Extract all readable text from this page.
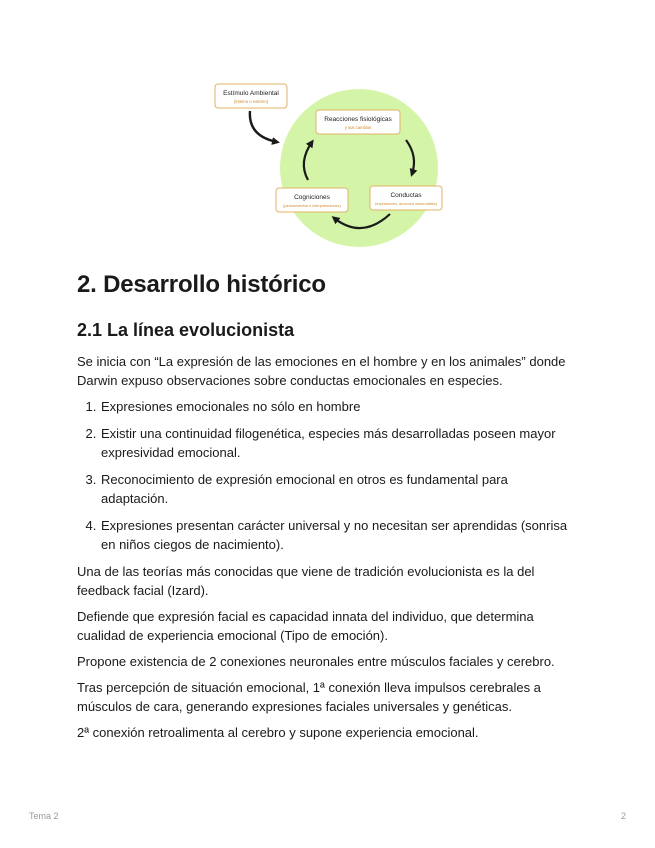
Estímulo Ambiental
(interno o externo)
Reacciones fisiológicas
y sus cambios
Cogniciones
(pensamientos e interpretaciones)
Conductas
(expresiones, acciones observables)
2. Desarrollo histórico
2.1 La línea evolucionista

Se inicia con “La expresión de las emociones en el hombre y en los animales” donde Darwin expuso observaciones sobre conductas emocionales en especies.

1. Expresiones emocionales no sólo en hombre
2. Existir una continuidad filogenética, especies más desarrolladas poseen mayor expresividad emocional.
3. Reconocimiento de expresión emocional en otros es fundamental para adaptación.
4. Expresiones presentan carácter universal y no necesitan ser aprendidas (sonrisa en niños ciegos de nacimiento).

Una de las teorías más conocidas que viene de tradición evolucionista es la del feedback facial (Izard).

Defiende que expresión facial es capacidad innata del individuo, que determina cualidad de experiencia emocional (Tipo de emoción).

Propone existencia de 2 conexiones neuronales entre músculos faciales y cerebro.

Tras percepción de situación emocional, 1ª conexión lleva impulsos cerebrales a músculos de cara, generando expresiones faciales universales y genéticas.

2ª conexión retroalimenta al cerebro y supone experiencia emocional.

Tema 2	2
